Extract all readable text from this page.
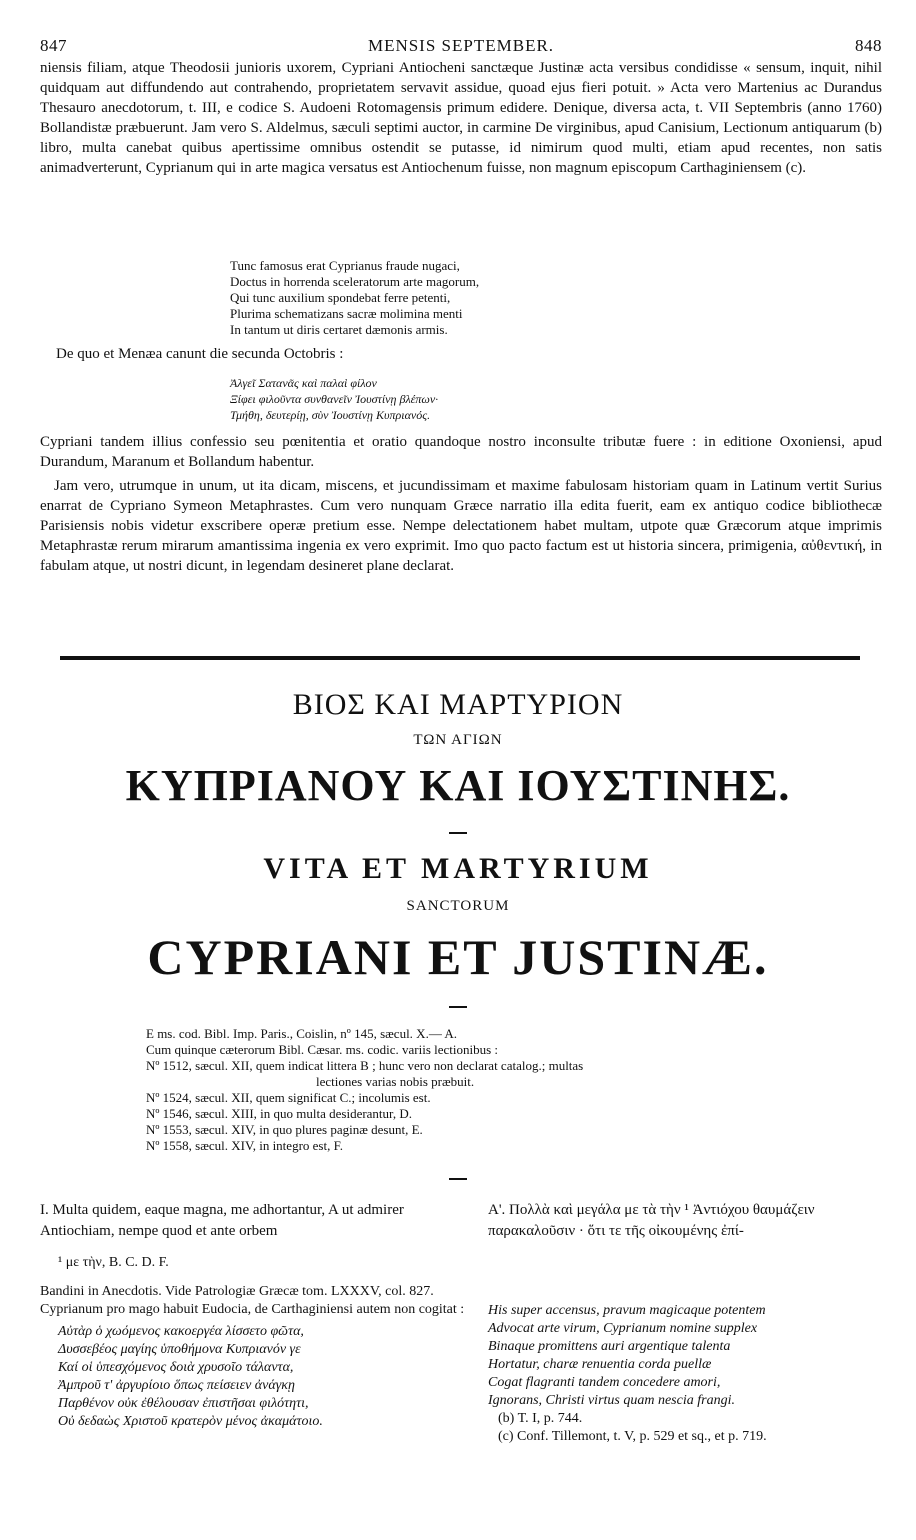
847	MENSIS SEPTEMBER.	848

niensis filiam, atque Theodosii junioris uxorem, Cypriani Antiocheni sanctæque Justinæ acta versibus condidisse « sensum, inquit, nihil quidquam aut diffundendo aut contrahendo, proprietatem servavit assidue, quoad ejus fieri potuit. » Acta vero Martenius ac Durandus Thesauro anecdotorum, t. III, e codice S. Audoeni Rotomagensis primum edidere. Denique, diversa acta, t. VII Septembris (anno 1760) Bollandistæ præbuerunt. Jam vero S. Aldelmus, sæculi septimi auctor, in carmine De virginibus, apud Canisium, Lectionum antiquarum (b) libro, multa canebat quibus apertissime omnibus ostendit se putasse, id nimirum quod multi, etiam apud recentes, non satis animadverterunt, Cyprianum qui in arte magica versatus est Antiochenum fuisse, non magnum episcopum Carthaginiensem (c).

Tunc famosus erat Cyprianus fraude nugaci,
Doctus in horrenda sceleratorum arte magorum,
Qui tunc auxilium spondebat ferre petenti,
Plurima schematizans sacræ molimina menti
In tantum ut diris certaret dæmonis armis.
De quo et Menæa canunt die secunda Octobris :
Ἀλγεῖ Σατανᾶς καὶ παλαὶ φίλον
Ξίφει φιλοῦντα συνθανεῖν Ἰουστίνῃ βλέπων·
Τμήθη, δευτερίῃ, σὺν Ἰουστίνῃ Κυπριανός.

Cypriani tandem illius confessio seu pœnitentia et oratio quandoque nostro inconsulte tributæ fuere : in editione Oxoniensi, apud Durandum, Maranum et Bollandum habentur.

Jam vero, utrumque in unum, ut ita dicam, miscens, et jucundissimam et maxime fabulosam historiam quam in Latinum vertit Surius enarrat de Cypriano Symeon Metaphrastes. Cum vero nunquam Græce narratio illa edita fuerit, eam ex antiquo codice bibliothecæ Parisiensis nobis videtur exscribere operæ pretium esse. Nempe delectationem habet multam, utpote quæ Græcorum atque imprimis Metaphrastæ rerum mirarum amantissima ingenia ex vero exprimit. Imo quo pacto factum est ut historia sincera, primigenia, αὐθεντική, in fabulam atque, ut nostri dicunt, in legendam desineret plane declarat.

ΒΙΟΣ ΚΑΙ ΜΑΡΤΥΡΙΟΝ
ΤΩΝ ΑΓΙΩΝ
ΚΥΠΡΙΑΝΟΥ ΚΑΙ ΙΟΥΣΤΙΝΗΣ.
VITA ET MARTYRIUM
SANCTORUM
CYPRIANI ET JUSTINÆ.
E ms. cod. Bibl. Imp. Paris., Coislin, nº 145, sæcul. X.— A.
Cum quinque cæterorum Bibl. Cæsar. ms. codic. variis lectionibus :
Nº 1512, sæcul. XII, quem indicat littera B ; hunc vero non declarat catalog.; multas
lectiones varias nobis præbuit.
Nº 1524, sæcul. XII, quem significat C.; incolumis est.
Nº 1546, sæcul. XIII, in quo multa desiderantur, D.
Nº 1553, sæcul. XIV, in quo plures paginæ desunt, E.
Nº 1558, sæcul. XIV, in integro est, F.

I. Multa quidem, eaque magna, me adhortantur, A ut admirer Antiochiam, nempe quod et ante orbem

¹ με τὴν, B. C. D. F.
Bandini in Anecdotis. Vide Patrologiæ Græcæ tom. LXXXV, col. 827. Cyprianum pro mago habuit Eudocia, de Carthaginiensi autem non cogitat :
Αὐτὰρ ὁ χωόμενος κακοεργέα λίσσετο φῶτα,
Δυσσεβέος μαγίης ὑποθήμονα Κυπριανόν γε
Καί οἱ ὑπεσχόμενος δοιὰ χρυσοῖο τάλαντα,
Ἀμπροῦ τ' ἀργυρίοιο ὅπως πείσειεν ἀνάγκῃ
Παρθένον οὐκ ἐθέλουσαν ἐπιστῆσαι φιλότητι,
Οὐ δεδαὼς Χριστοῦ κρατερὸν μένος ἀκαμάτοιο.

Α'. Πολλὰ καὶ μεγάλα με τὰ τὴν ¹ Ἀντιόχου θαυμάζειν παρακαλοῦσιν · ὅτι τε τῆς οἰκουμένης ἐπί-

His super accensus, pravum magicaque potentem
Advocat arte virum, Cyprianum nomine supplex
Binaque promittens auri argentique talenta
Hortatur, charæ renuentia corda puellæ
Cogat flagranti tandem concedere amori,
Ignorans, Christi virtus quam nescia frangi.
(b) T. I, p. 744.
(c) Conf. Tillemont, t. V, p. 529 et sq., et p. 719.
